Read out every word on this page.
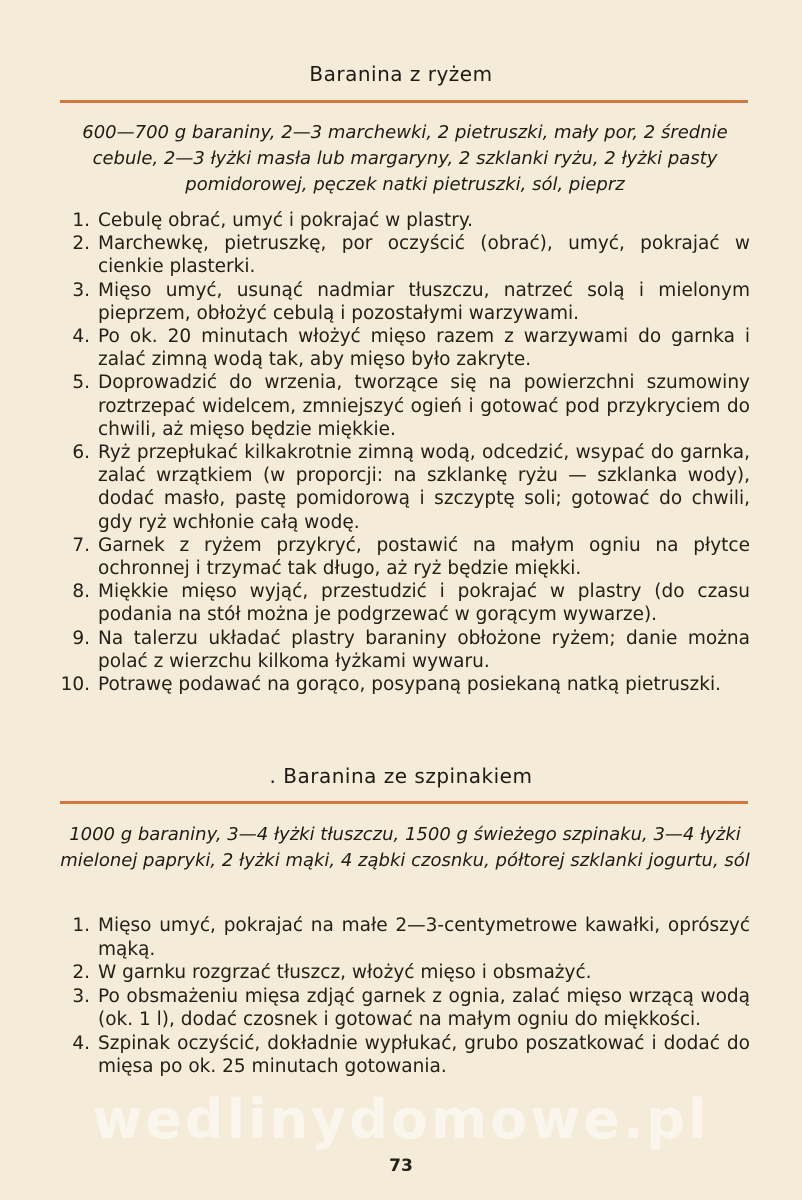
Baranina z ryżem
600—700 g baraniny, 2—3 marchewki, 2 pietruszki, mały por, 2 średnie cebule, 2—3 łyżki masła lub margaryny, 2 szklanki ryżu, 2 łyżki pasty pomidorowej, pęczek natki pietruszki, sól, pieprz
1. Cebulę obrać, umyć i pokrajać w plastry.
2. Marchewkę, pietruszkę, por oczyścić (obrać), umyć, pokrajać w cienkie plasterki.
3. Mięso umyć, usunąć nadmiar tłuszczu, natrzeć solą i mielonym pieprzem, obłożyć cebulą i pozostałymi warzywami.
4. Po ok. 20 minutach włożyć mięso razem z warzywami do garnka i zalać zimną wodą tak, aby mięso było zakryte.
5. Doprowadzić do wrzenia, tworzące się na powierzchni szumowiny roztrzepać widelcem, zmniejszyć ogień i gotować pod przykryciem do chwili, aż mięso będzie miękkie.
6. Ryż przepłukać kilkakrotnie zimną wodą, odcedzić, wsypać do garnka, zalać wrzątkiem (w proporcji: na szklankę ryżu — szklanka wody), dodać masło, pastę pomidorową i szczyptę soli; gotować do chwili, gdy ryż wchłonie całą wodę.
7. Garnek z ryżem przykryć, postawić na małym ogniu na płytce ochronnej i trzymać tak długo, aż ryż będzie miękki.
8. Miękkie mięso wyjąć, przestudzić i pokrajać w plastry (do czasu podania na stół można je podgrzewać w gorącym wywarze).
9. Na talerzu układać plastry baraniny obłożone ryżem; danie można polać z wierzchu kilkoma łyżkami wywaru.
10. Potrawę podawać na gorąco, posypaną posiekaną natką pietruszki.
. Baranina ze szpinakiem
1000 g baraniny, 3—4 łyżki tłuszczu, 1500 g świeżego szpinaku, 3—4 łyżki mielonej papryki, 2 łyżki mąki, 4 ząbki czosnku, półtorej szklanki jogurtu, sól
1. Mięso umyć, pokrajać na małe 2—3-centymetrowe kawałki, oprószyć mąką.
2. W garnku rozgrzać tłuszcz, włożyć mięso i obsmażyć.
3. Po obsmażeniu mięsa zdjąć garnek z ognia, zalać mięso wrzącą wodą (ok. 1 l), dodać czosnek i gotować na małym ogniu do miękkości.
4. Szpinak oczyścić, dokładnie wypłukać, grubo poszatkować i dodać do mięsa po ok. 25 minutach gotowania.
wedlinydomowe.pl
73
